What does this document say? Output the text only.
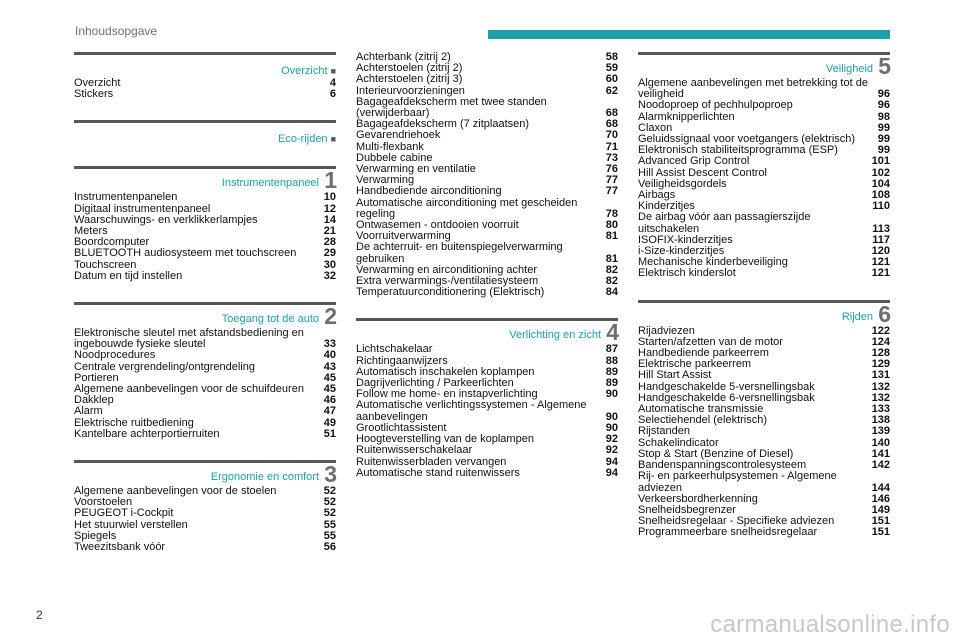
Inhoudsopgave
Overzicht ■
Overzicht	4
Stickers	6
Eco-rijden ■
Instrumentenpaneel 1
Instrumentenpanelen	10
Digitaal instrumentenpaneel	12
Waarschuwings- en verklikkerlampjes	14
Meters	21
Boordcomputer	28
BLUETOOTH audiosysteem met touchscreen	29
Touchscreen	30
Datum en tijd instellen	32
Toegang tot de auto 2
Elektronische sleutel met afstandsbediening en ingebouwde fysieke sleutel	33
Noodprocedures	40
Centrale vergrendeling/ontgrendeling	43
Portieren	45
Algemene aanbevelingen voor de schuifdeuren	45
Dakklep	46
Alarm	47
Elektrische ruitbediening	49
Kantelbare achterportierruiten	51
Ergonomie en comfort 3
Algemene aanbevelingen voor de stoelen	52
Voorstoelen	52
PEUGEOT i-Cockpit	52
Het stuurwiel verstellen	55
Spiegels	55
Tweezitsbank vóór	56
Achterbank (zitrij 2)	58
Achterstoelen (zitrij 2)	59
Achterstoelen (zitrij 3)	60
Interieurvoorzieningen	62
Bagageafdekscherm met twee standen (verwijderbaar)	68
Bagageafdekscherm (7 zitplaatsen)	68
Gevarendriehoek	70
Multi-flexbank	71
Dubbele cabine	73
Verwarming en ventilatie	76
Verwarming	77
Handbediende airconditioning	77
Automatische airconditioning met gescheiden regeling	78
Ontwasemen - ontdooien voorruit	80
Voorruitverwarming	81
De achterruit- en buitenspiegelverwarming gebruiken	81
Verwarming en airconditioning achter	82
Extra verwarmings-/ventilatiesysteem	82
Temperatuurconditionering (Elektrisch)	84
Verlichting en zicht 4
Lichtschakelaar	87
Richtingaanwijzers	88
Automatisch inschakelen koplampen	89
Dagrijverlichting / Parkeerlichten	89
Follow me home- en instapverlichting	90
Automatische verlichtingssystemen - Algemene aanbevelingen	90
Grootlichtassistent	90
Hoogteverstelling van de koplampen	92
Ruitenwisserschakelaar	92
Ruitenwisserbladen vervangen	94
Automatische stand ruitenwissers	94
Veiligheid 5
Algemene aanbevelingen met betrekking tot de veiligheid	96
Noodoproep of pechhulpoproep	96
Alarmknipperlichten	98
Claxon	99
Geluidssignaal voor voetgangers (elektrisch)	99
Elektronisch stabiliteitsprogramma (ESP)	99
Advanced Grip Control	101
Hill Assist Descent Control	102
Veiligheidsgordels	104
Airbags	108
Kinderzitjes	110
De airbag vóór aan passagierszijde uitschakelen	113
ISOFIX-kinderzitjes	117
i-Size-kinderzitjes	120
Mechanische kinderbeveiliging	121
Elektrisch kinderslot	121
Rijden 6
Rijadviezen	122
Starten/afzetten van de motor	124
Handbediende parkeerrem	128
Elektrische parkeerrem	129
Hill Start Assist	131
Handgeschakelde 5-versnellingsbak	132
Handgeschakelde 6-versnellingsbak	132
Automatische transmissie	133
Selectiehendel (elektrisch)	138
Rijstanden	139
Schakelindicator	140
Stop & Start (Benzine of Diesel)	141
Bandenspanningscontrolesysteem	142
Rij- en parkeerhulpsystemen - Algemene adviezen	144
Verkeersbordherkenning	146
Snelheidsbegrenzer	149
Snelheidsregelaar - Specifieke adviezen	151
Programmeerbare snelheidsregelaar	151
2	carmanualsonline.info
